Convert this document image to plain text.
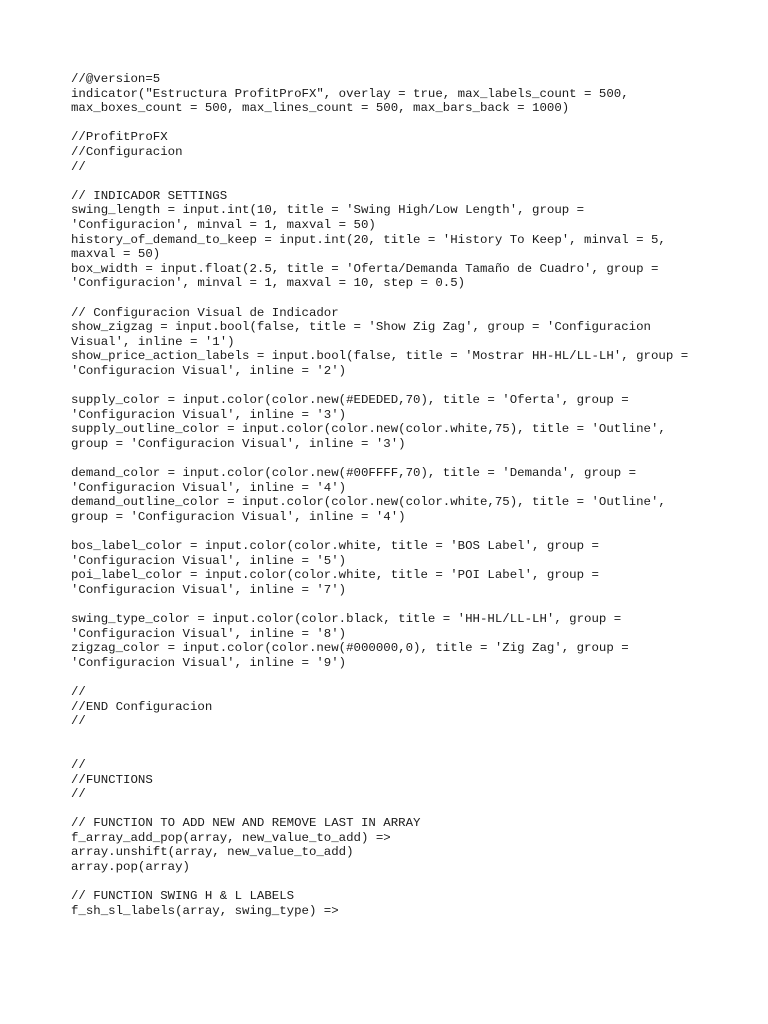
//@version=5
indicator("Estructura ProfitProFX", overlay = true, max_labels_count = 500,
max_boxes_count = 500, max_lines_count = 500, max_bars_back = 1000)
//ProfitProFX
//Configuracion
//
// INDICADOR SETTINGS
swing_length = input.int(10, title = 'Swing High/Low Length', group =
'Configuracion', minval = 1, maxval = 50)
history_of_demand_to_keep = input.int(20, title = 'History To Keep', minval = 5,
maxval = 50)
box_width = input.float(2.5, title = 'Oferta/Demanda Tamaño de Cuadro', group =
'Configuracion', minval = 1, maxval = 10, step = 0.5)
// Configuracion Visual de Indicador
show_zigzag = input.bool(false, title = 'Show Zig Zag', group = 'Configuracion
Visual', inline = '1')
show_price_action_labels = input.bool(false, title = 'Mostrar HH-HL/LL-LH', group =
'Configuracion Visual', inline = '2')
supply_color = input.color(color.new(#EDEDED,70), title = 'Oferta', group =
'Configuracion Visual', inline = '3')
supply_outline_color = input.color(color.new(color.white,75), title = 'Outline',
group = 'Configuracion Visual', inline = '3')
demand_color = input.color(color.new(#00FFFF,70), title = 'Demanda', group =
'Configuracion Visual', inline = '4')
demand_outline_color = input.color(color.new(color.white,75), title = 'Outline',
group = 'Configuracion Visual', inline = '4')
bos_label_color = input.color(color.white, title = 'BOS Label', group =
'Configuracion Visual', inline = '5')
poi_label_color = input.color(color.white, title = 'POI Label', group =
'Configuracion Visual', inline = '7')
swing_type_color = input.color(color.black, title = 'HH-HL/LL-LH', group =
'Configuracion Visual', inline = '8')
zigzag_color = input.color(color.new(#000000,0), title = 'Zig Zag', group =
'Configuracion Visual', inline = '9')
//
//END Configuracion
//
//
//FUNCTIONS
//
// FUNCTION TO ADD NEW AND REMOVE LAST IN ARRAY
f_array_add_pop(array, new_value_to_add) =>
array.unshift(array, new_value_to_add)
array.pop(array)
// FUNCTION SWING H & L LABELS
f_sh_sl_labels(array, swing_type) =>
